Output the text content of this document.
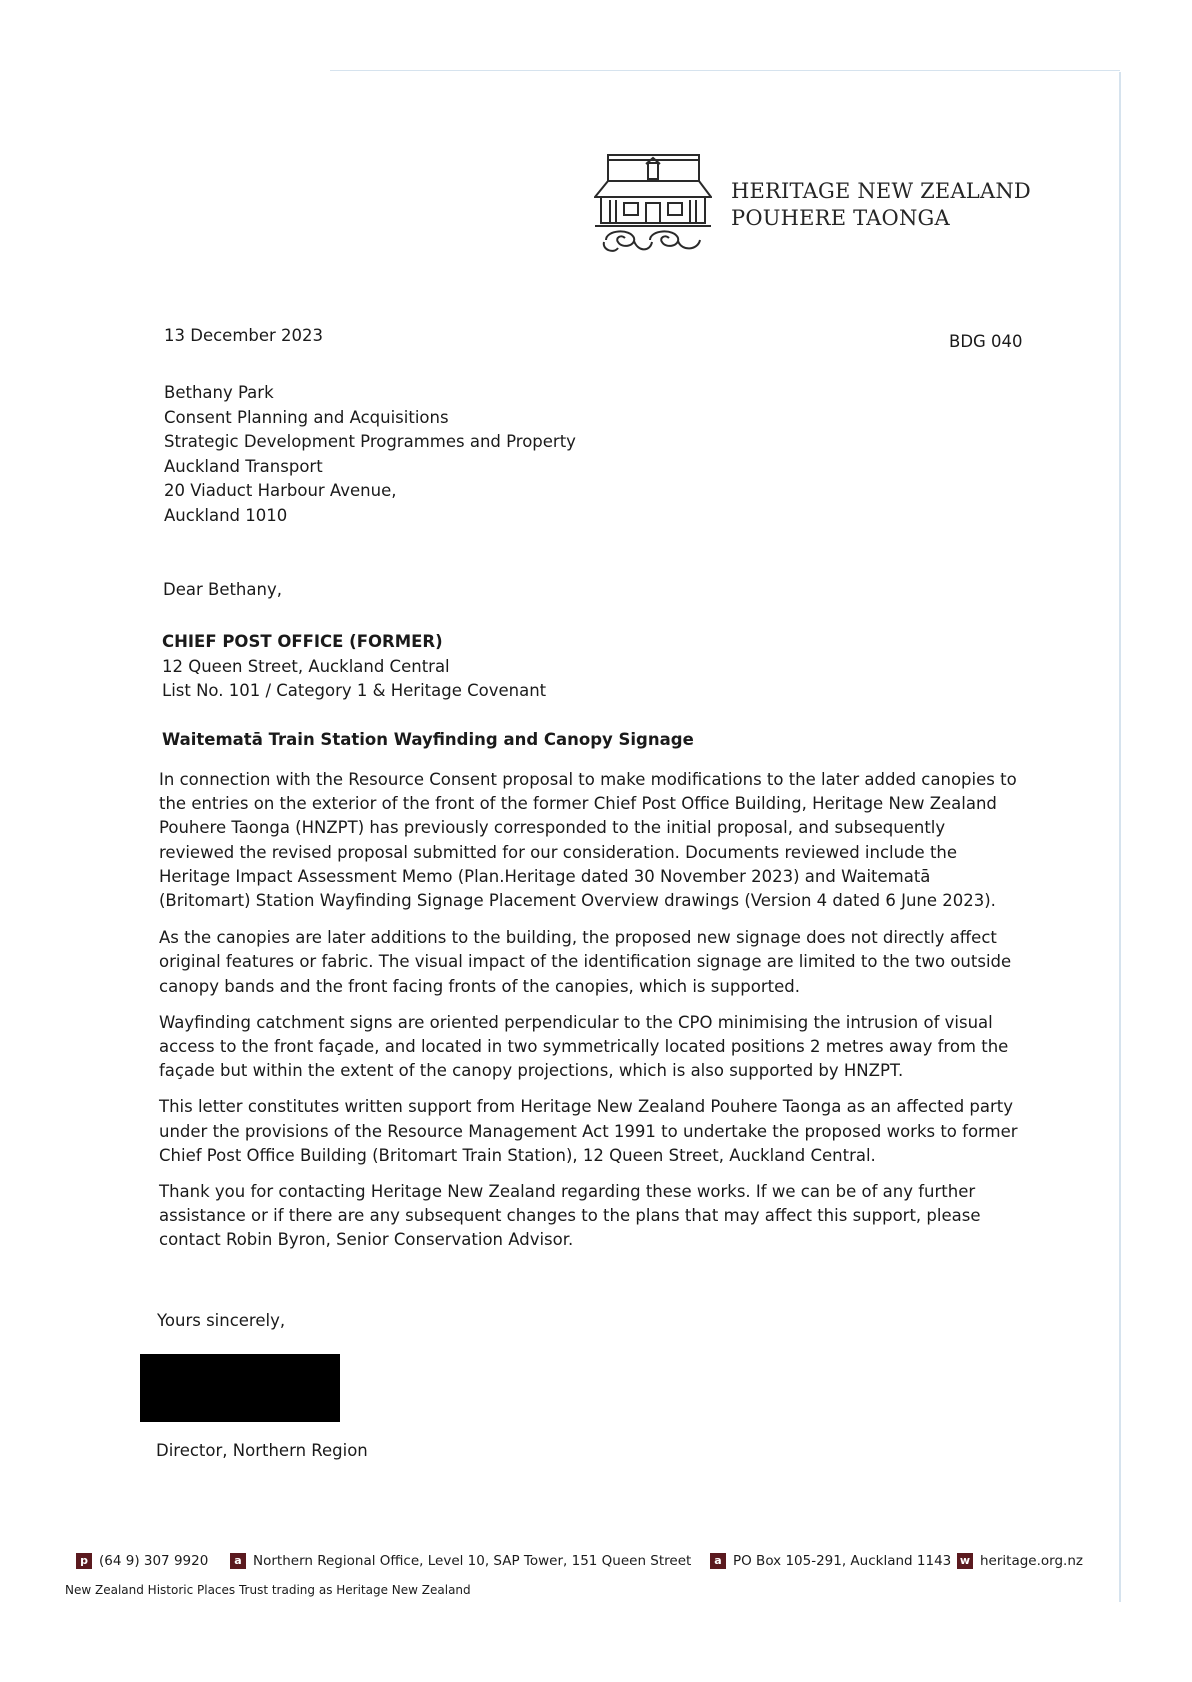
HERITAGE NEW ZEALAND
POUHERE TAONGA
13 December 2023	BDG 040
Bethany Park
Consent Planning and Acquisitions
Strategic Development Programmes and Property
Auckland Transport
20 Viaduct Harbour Avenue,
Auckland 1010
Dear Bethany,
CHIEF POST OFFICE (FORMER)
12 Queen Street, Auckland Central
List No. 101 / Category 1 & Heritage Covenant
Waitematā Train Station Wayfinding and Canopy Signage

In connection with the Resource Consent proposal to make modifications to the later added canopies to
the entries on the exterior of the front of the former Chief Post Office Building, Heritage New Zealand
Pouhere Taonga (HNZPT) has previously corresponded to the initial proposal, and subsequently
reviewed the revised proposal submitted for our consideration. Documents reviewed include the
Heritage Impact Assessment Memo (Plan.Heritage dated 30 November 2023) and Waitematā
(Britomart) Station Wayfinding Signage Placement Overview drawings (Version 4 dated 6 June 2023).

As the canopies are later additions to the building, the proposed new signage does not directly affect
original features or fabric. The visual impact of the identification signage are limited to the two outside
canopy bands and the front facing fronts of the canopies, which is supported.

Wayfinding catchment signs are oriented perpendicular to the CPO minimising the intrusion of visual
access to the front façade, and located in two symmetrically located positions 2 metres away from the
façade but within the extent of the canopy projections, which is also supported by HNZPT.

This letter constitutes written support from Heritage New Zealand Pouhere Taonga as an affected party
under the provisions of the Resource Management Act 1991 to undertake the proposed works to former
Chief Post Office Building (Britomart Train Station), 12 Queen Street, Auckland Central.

Thank you for contacting Heritage New Zealand regarding these works. If we can be of any further
assistance or if there are any subsequent changes to the plans that may affect this support, please
contact Robin Byron, Senior Conservation Advisor.

Yours sincerely,
Director, Northern Region
p (64 9) 307 9920	a Northern Regional Office, Level 10, SAP Tower, 151 Queen Street	a PO Box 105-291, Auckland 1143 w heritage.org.nz
New Zealand Historic Places Trust trading as Heritage New Zealand
